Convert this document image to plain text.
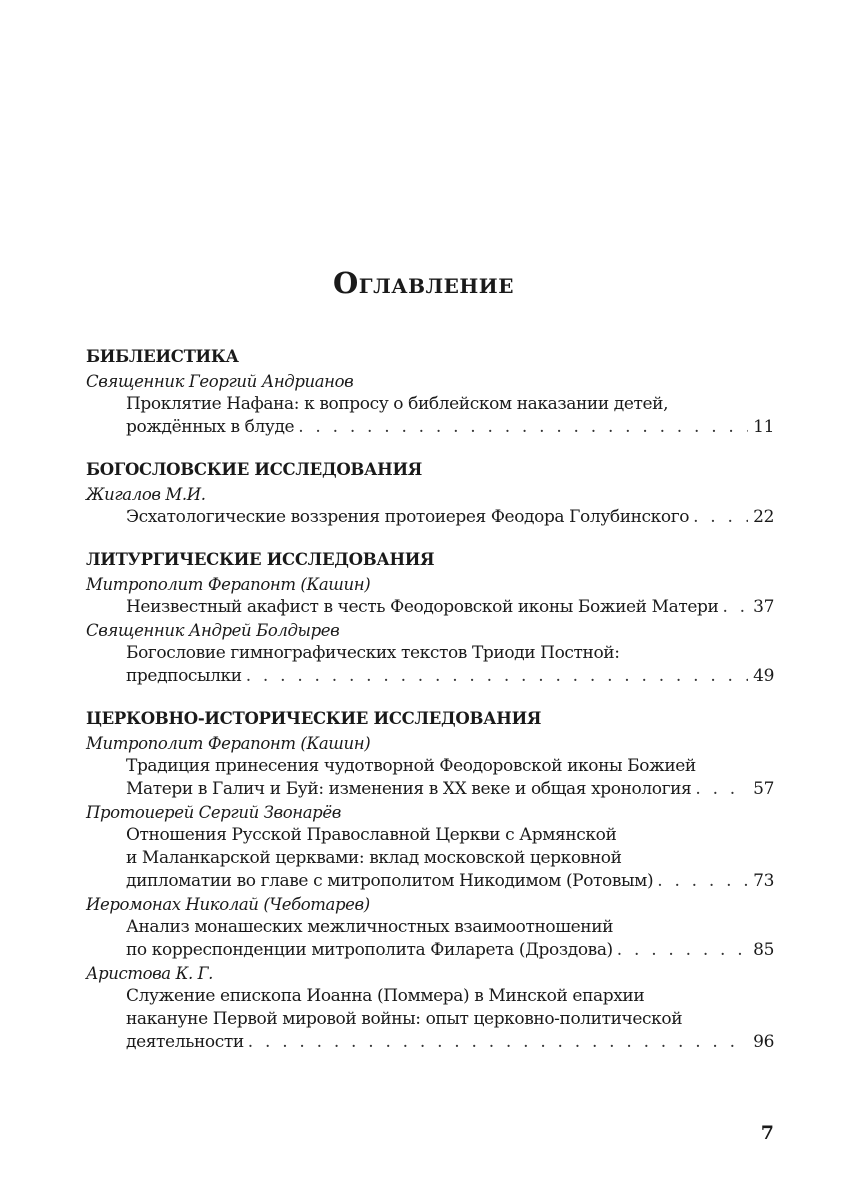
Оглавление
БИБЛЕИСТИКА
Священник Георгий Андрианов
Проклятие Нафана: к вопросу о библейском наказании детей,
рождённых в блуде . . .	11
БОГОСЛОВСКИЕ ИССЛЕДОВАНИЯ
Жигалов М.И.
Эсхатологические воззрения протоиерея Феодора Голубинского . . .	22
ЛИТУРГИЧЕСКИЕ ИССЛЕДОВАНИЯ
Митрополит Ферапонт (Кашин)
Неизвестный акафист в честь Феодоровской иконы Божией Матери . . . 37
Священник Андрей Болдырев
Богословие гимнографических текстов Триоди Постной:
предпосылки . . .	49
ЦЕРКОВНО-ИСТОРИЧЕСКИЕ ИССЛЕДОВАНИЯ
Митрополит Ферапонт (Кашин)
Традиция принесения чудотворной Феодоровской иконы Божией
Матери в Галич и Буй: изменения в XX веке и общая хронология . . .	57
Протоиерей Сергий Звонарёв
Отношения Русской Православной Церкви с Армянской
и Маланкарской церквами: вклад московской церковной
дипломатии во главе с митрополитом Никодимом (Ротовым) . . .	73
Иеромонах Николай (Чеботарев)
Анализ монашеских межличностных взаимоотношений
по корреспонденции митрополита Филарета (Дроздова) . . .	85
Аристова К. Г.
Служение епископа Иоанна (Поммера) в Минской епархии
накануне Первой мировой войны: опыт церковно-политической
деятельности . . .	96
7
